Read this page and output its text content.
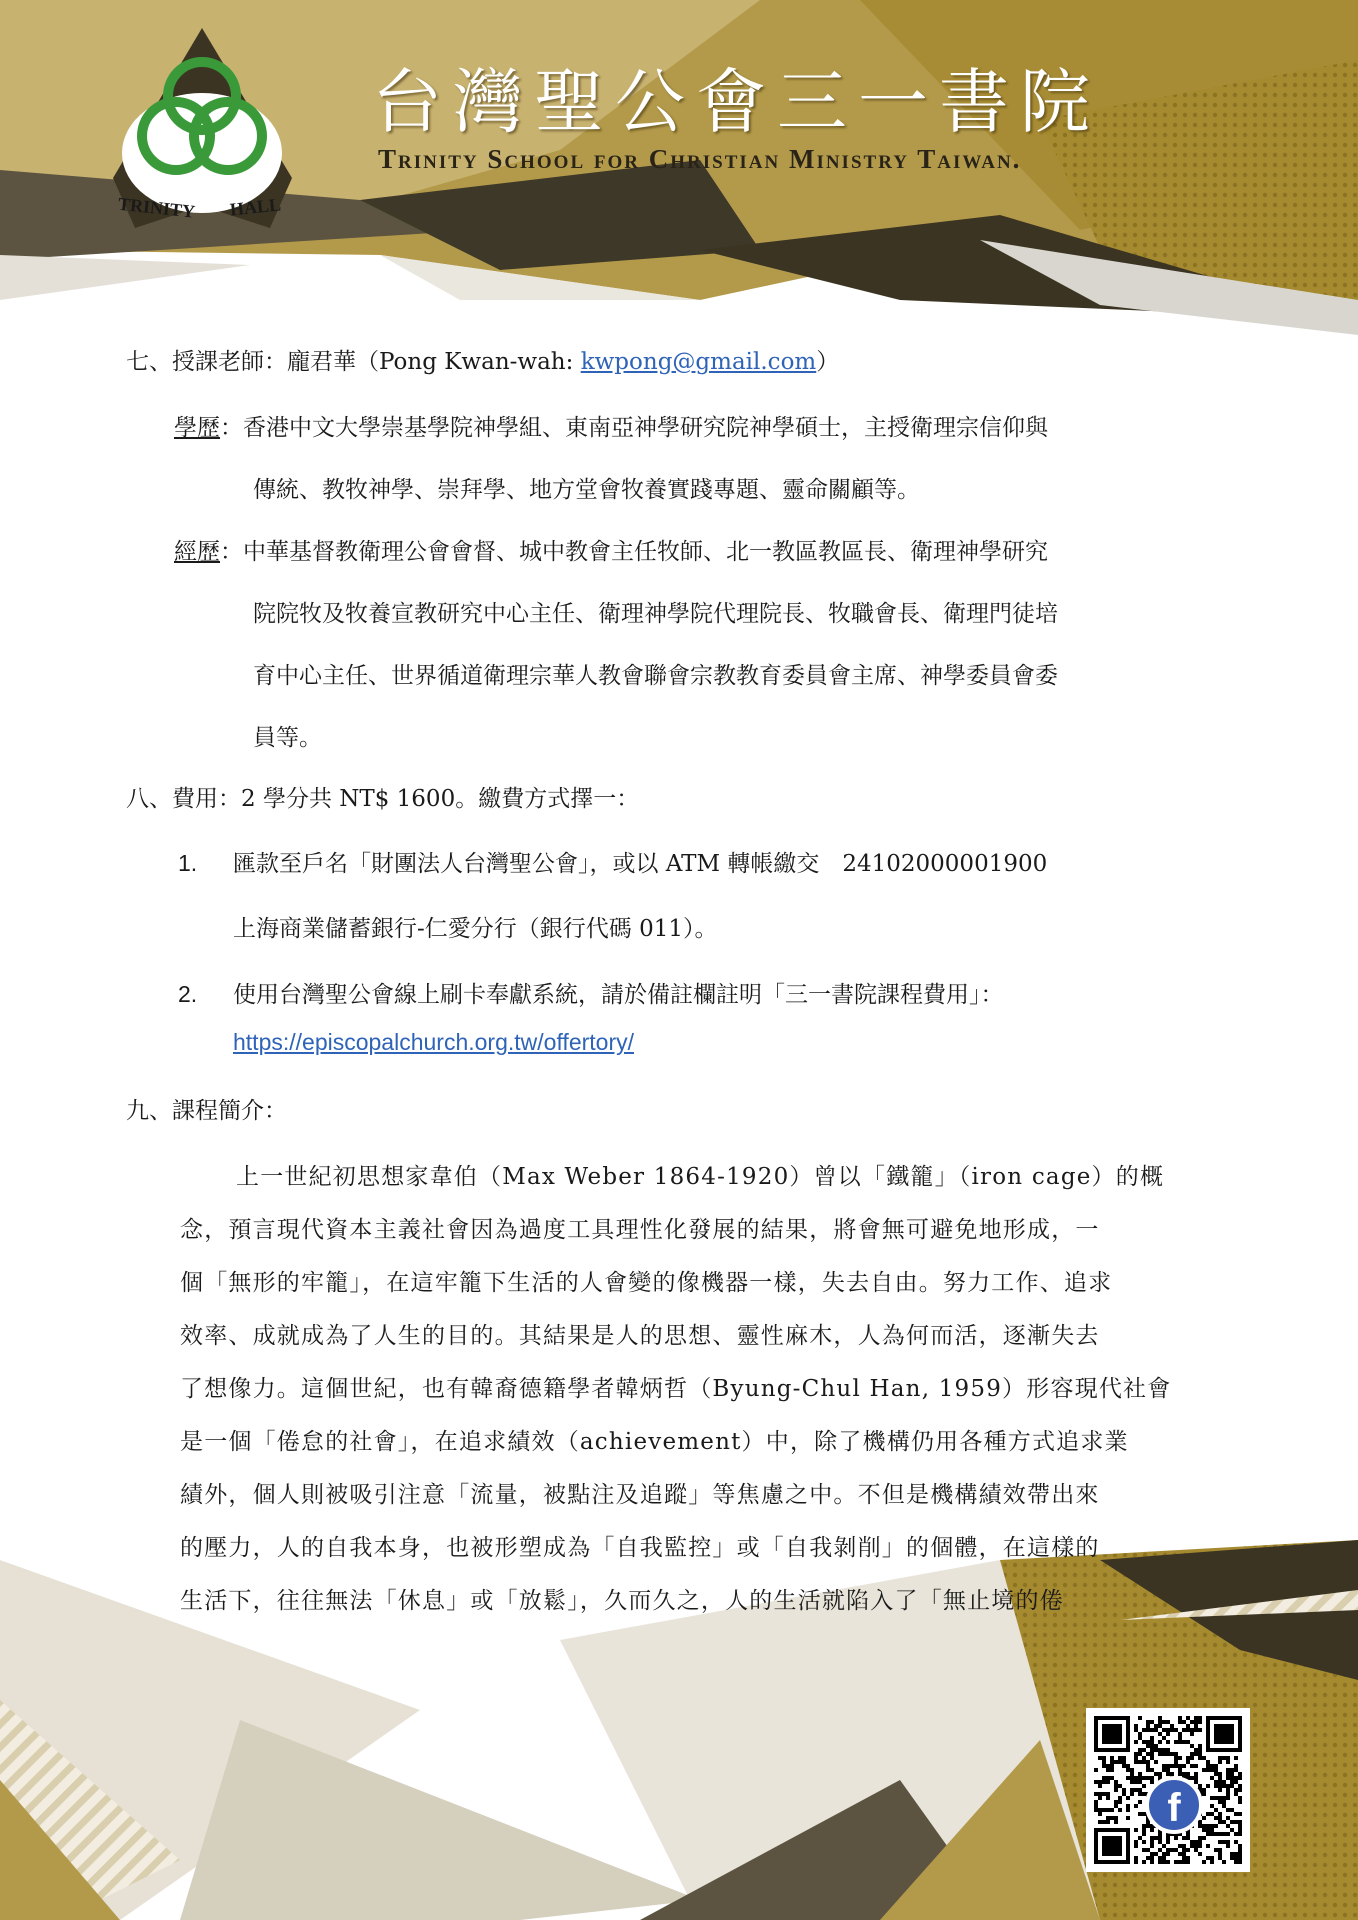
TRINITY HALL
台灣聖公會三一書院
Trinity School for Christian Ministry Taiwan.
七、授課老師：龐君華（Pong Kwan-wah: kwpong@gmail.com）
學歷：香港中文大學崇基學院神學組、東南亞神學研究院神學碩士，主授衛理宗信仰與
傳統、教牧神學、崇拜學、地方堂會牧養實踐專題、靈命關顧等。
經歷：中華基督教衛理公會會督、城中教會主任牧師、北一教區教區長、衛理神學研究
院院牧及牧養宣教研究中心主任、衛理神學院代理院長、牧職會長、衛理門徒培
育中心主任、世界循道衛理宗華人教會聯會宗教教育委員會主席、神學委員會委
員等。
八、費用：2 學分共 NT$ 1600。繳費方式擇一：
1. 匯款至戶名「財團法人台灣聖公會」，或以 ATM 轉帳繳交　24102000001900
上海商業儲蓄銀行-仁愛分行（銀行代碼 011）。
2. 使用台灣聖公會線上刷卡奉獻系統，請於備註欄註明「三一書院課程費用」：
https://episcopalchurch.org.tw/offertory/
九、課程簡介：
上一世紀初思想家韋伯（Max Weber 1864-1920）曾以「鐵籠」（iron cage）的概
念，預言現代資本主義社會因為過度工具理性化發展的結果，將會無可避免地形成，一
個「無形的牢籠」，在這牢籠下生活的人會變的像機器一樣，失去自由。努力工作、追求
效率、成就成為了人生的目的。其結果是人的思想、靈性麻木，人為何而活，逐漸失去
了想像力。這個世紀，也有韓裔德籍學者韓炳哲（Byung-Chul Han, 1959）形容現代社會
是一個「倦怠的社會」，在追求績效（achievement）中，除了機構仍用各種方式追求業
績外，個人則被吸引注意「流量，被點注及追蹤」等焦慮之中。不但是機構績效帶出來
的壓力，人的自我本身，也被形塑成為「自我監控」或「自我剝削」的個體，在這樣的
生活下，往往無法「休息」或「放鬆」，久而久之，人的生活就陷入了「無止境的倦
f
